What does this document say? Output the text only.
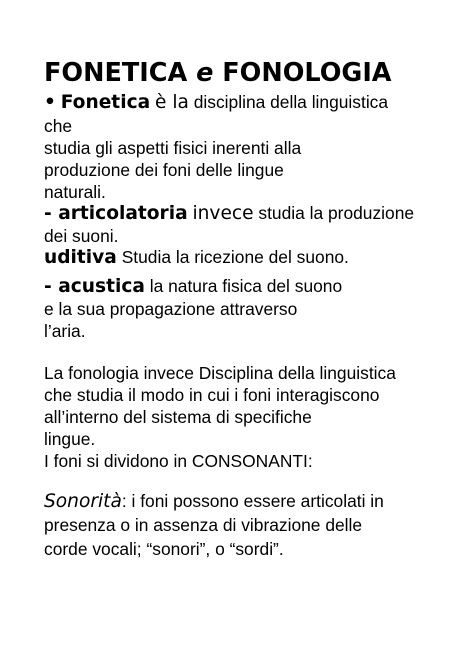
FONETICA e FONOLOGIA
• Fonetica è la disciplina della linguistica
che
studia gli aspetti fisici inerenti alla
produzione dei foni delle lingue
naturali.
- articolatoria invece studia la produzione
dei suoni.
uditiva Studia la ricezione del suono.
- acustica la natura fisica del suono
e la sua propagazione attraverso
l’aria.
La fonologia invece Disciplina della linguistica
che studia il modo in cui i foni interagiscono
all’interno del sistema di specifiche
lingue.
I foni si dividono in CONSONANTI:
Sonorità: i foni possono essere articolati in
presenza o in assenza di vibrazione delle
corde vocali; “sonori”, o “sordi”.
